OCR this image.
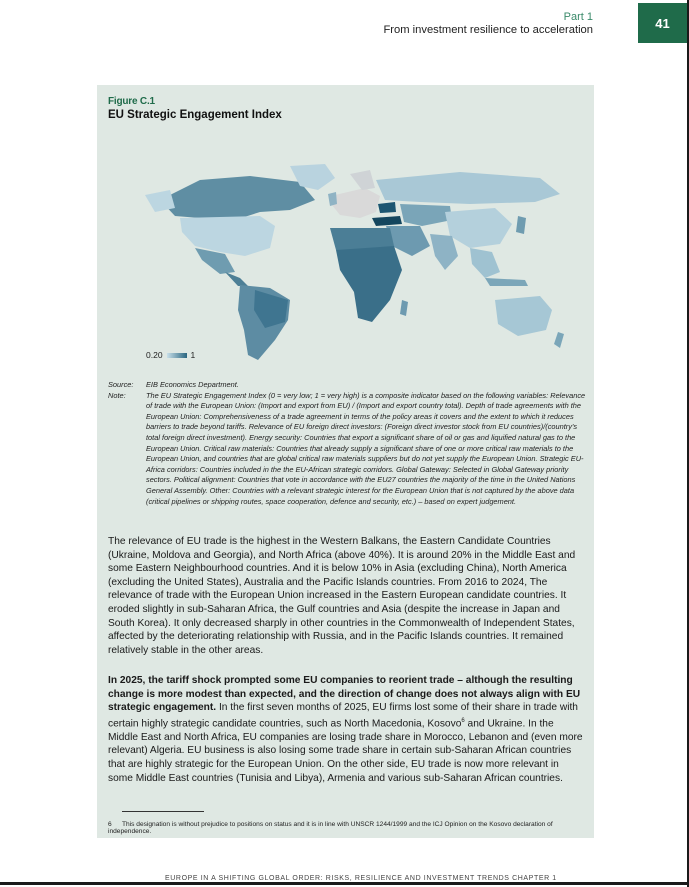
Part 1
From investment resilience to acceleration	41
Figure C.1
EU Strategic Engagement Index
0.20	1
Source:	EIB Economics Department.
Note:	The EU Strategic Engagement Index (0 = very low; 1 = very high) is a composite indicator based on the following variables: Relevance of trade with the European Union: (Import and export from EU) / (Import and export country total). Depth of trade agreements with the European Union: Comprehensiveness of a trade agreement in terms of the policy areas it covers and the extent to which it reduces barriers to trade beyond tariffs. Relevance of EU foreign direct investors: (Foreign direct investor stock from EU countries)/(country's total foreign direct investment). Energy security: Countries that export a significant share of oil or gas and liquified natural gas to the European Union. Critical raw materials: Countries that already supply a significant share of one or more critical raw materials to the European Union, and countries that are global critical raw materials suppliers but do not yet supply the European Union. Strategic EU-Africa corridors: Countries included in the the EU-African strategic corridors. Global Gateway: Selected in Global Gateway priority sectors. Political alignment: Countries that vote in accordance with the EU27 countries the majority of the time in the United Nations General Assembly. Other: Countries with a relevant strategic interest for the European Union that is not captured by the above data (critical pipelines or shipping routes, space cooperation, defence and security, etc.) – based on expert judgement.
The relevance of EU trade is the highest in the Western Balkans, the Eastern Candidate Countries (Ukraine, Moldova and Georgia), and North Africa (above 40%). It is around 20% in the Middle East and some Eastern Neighbourhood countries. And it is below 10% in Asia (excluding China), North America (excluding the United States), Australia and the Pacific Islands countries. From 2016 to 2024, The relevance of trade with the European Union increased in the Eastern European candidate countries. It eroded slightly in sub-Saharan Africa, the Gulf countries and Asia (despite the increase in Japan and South Korea). It only decreased sharply in other countries in the Commonwealth of Independent States, affected by the deteriorating relationship with Russia, and in the Pacific Islands countries. It remained relatively stable in the other areas.
In 2025, the tariff shock prompted some EU companies to reorient trade – although the resulting change is more modest than expected, and the direction of change does not always align with EU strategic engagement. In the first seven months of 2025, EU firms lost some of their share in trade with certain highly strategic candidate countries, such as North Macedonia, Kosovo$^6$ and Ukraine. In the Middle East and North Africa, EU companies are losing trade share in Morocco, Lebanon and (even more relevant) Algeria. EU business is also losing some trade share in certain sub-Saharan African countries that are highly strategic for the European Union. On the other side, EU trade is now more relevant in some Middle East countries (Tunisia and Libya), Armenia and various sub-Saharan African countries.
6 This designation is without prejudice to positions on status and it is in line with UNSCR 1244/1999 and the ICJ Opinion on the Kosovo declaration of independence.
EUROPE IN A SHIFTING GLOBAL ORDER: RISKS, RESILIENCE AND INVESTMENT TRENDS CHAPTER 1
